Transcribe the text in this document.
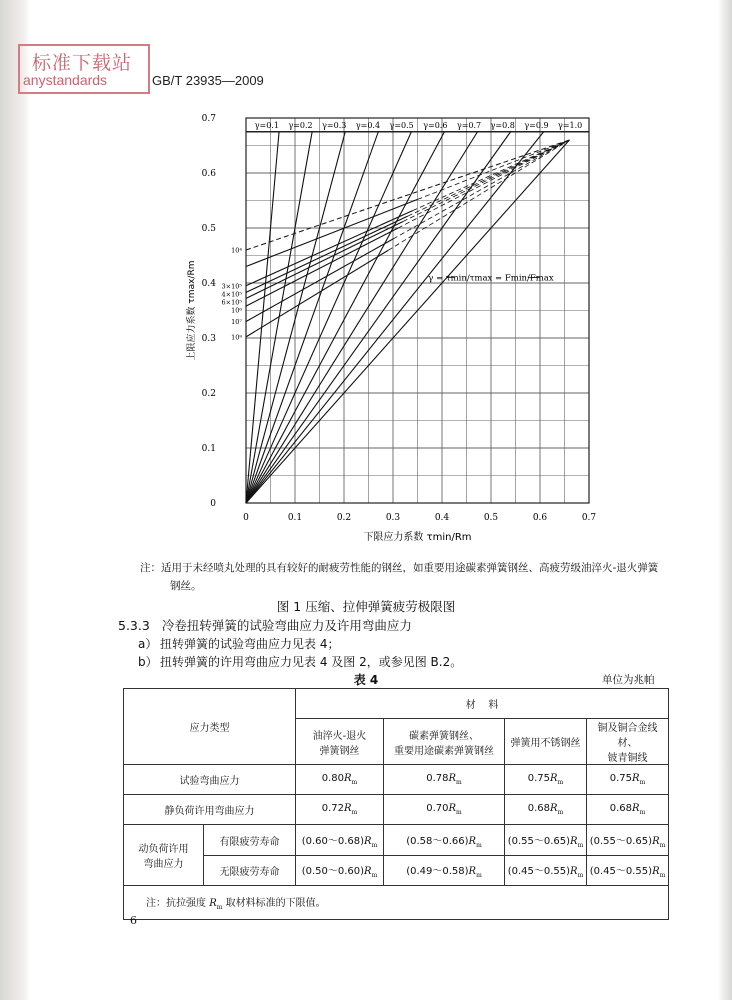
标准下载站
anystandards	GB/T 23935—2009
0	0.1	0.2	0.3	0.4	0.5	0.6	0.7
0
0.1
0.2
0.3
0.4
0.5
0.6
0.7
下限应力系数 τmin/Rm
上限应力系数 τmax/Rm
γ=0.1 γ=0.2 γ=0.3 γ=0.4 γ=0.5 γ=0.6 γ=0.7 γ=0.8 γ=0.9 γ=1.0
10⁴
3×10⁵
4×10⁵
6×10⁵
10⁶
10⁷
10⁸
γ = τmin/τmax = Fmin/Fmax
注：适用于未经喷丸处理的具有较好的耐疲劳性能的钢丝，如重要用途碳素弹簧钢丝、高疲劳级油淬火-退火弹簧
钢丝。
图 1 压缩、拉伸弹簧疲劳极限图
5.3.3 冷卷扭转弹簧的试验弯曲应力及许用弯曲应力
a） 扭转弹簧的试验弯曲应力见表 4；
b） 扭转弹簧的许用弯曲应力见表 4 及图 2，或参见图 B.2。
表 4	单位为兆帕
应力类型		材    料			
		油淬火-退火
弹簧钢丝	碳素弹簧钢丝、
重要用途碳素弹簧钢丝	弹簧用不锈钢丝	铜及铜合金线材、
铍青铜线
试验弯曲应力		$0.80R_m$	$0.78R_m$	$0.75R_m$	$0.75R_m$
静负荷许用弯曲应力		$0.72R_m$	$0.70R_m$	$0.68R_m$	$0.68R_m$
动负荷许用
弯曲应力	有限疲劳寿命	$(0.60\sim 0.68)R_m$	$(0.58\sim 0.66)R_m$	$(0.55\sim 0.65)R_m$	$(0.55\sim 0.65)R_m$
	无限疲劳寿命	$(0.50\sim 0.60)R_m$	$(0.49\sim 0.58)R_m$	$(0.45\sim 0.55)R_m$	$(0.45\sim 0.55)R_m$
注：抗拉强度 $R_m$ 取材料标准的下限值。					
6
